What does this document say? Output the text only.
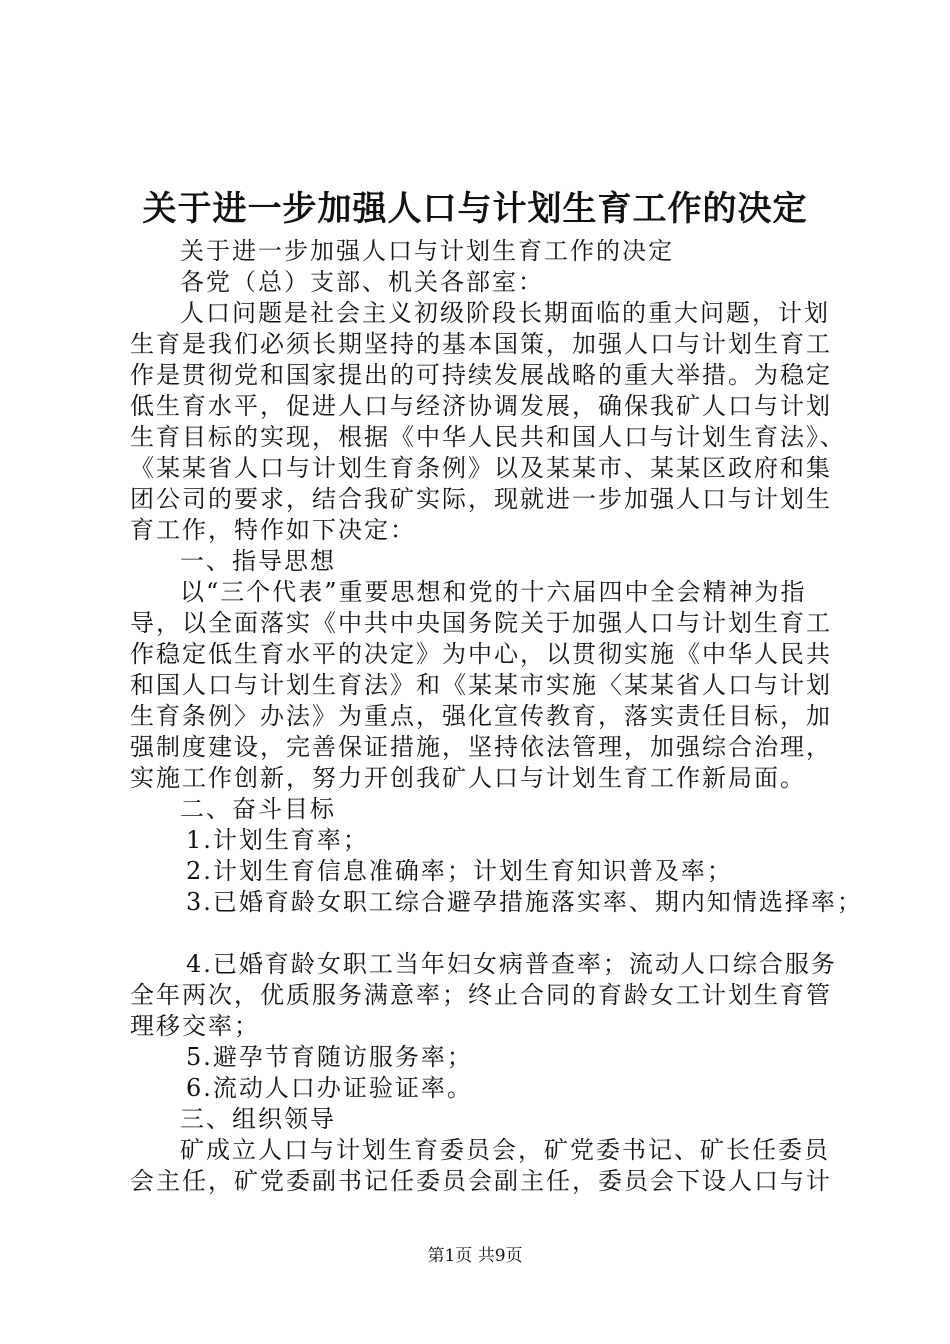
关于进一步加强人口与计划生育工作的决定
关于进一步加强人口与计划生育工作的决定
各党（总）支部、机关各部室：
人口问题是社会主义初级阶段长期面临的重大问题，计划
生育是我们必须长期坚持的基本国策，加强人口与计划生育工
作是贯彻党和国家提出的可持续发展战略的重大举措。为稳定
低生育水平，促进人口与经济协调发展，确保我矿人口与计划
生育目标的实现，根据《中华人民共和国人口与计划生育法》、
《某某省人口与计划生育条例》以及某某市、某某区政府和集
团公司的要求，结合我矿实际，现就进一步加强人口与计划生
育工作，特作如下决定：
一、指导思想
以“三个代表”重要思想和党的十六届四中全会精神为指
导，以全面落实《中共中央国务院关于加强人口与计划生育工
作稳定低生育水平的决定》为中心，以贯彻实施《中华人民共
和国人口与计划生育法》和《某某市实施〈某某省人口与计划
生育条例〉办法》为重点，强化宣传教育，落实责任目标，加
强制度建设，完善保证措施，坚持依法管理，加强综合治理，
实施工作创新，努力开创我矿人口与计划生育工作新局面。
二、奋斗目标
1.计划生育率；
2.计划生育信息准确率；计划生育知识普及率；
3.已婚育龄女职工综合避孕措施落实率、期内知情选择率；
4.已婚育龄女职工当年妇女病普查率；流动人口综合服务
全年两次，优质服务满意率；终止合同的育龄女工计划生育管
理移交率；
5.避孕节育随访服务率；
6.流动人口办证验证率。
三、组织领导
矿成立人口与计划生育委员会，矿党委书记、矿长任委员
会主任，矿党委副书记任委员会副主任，委员会下设人口与计
第1页 共9页
